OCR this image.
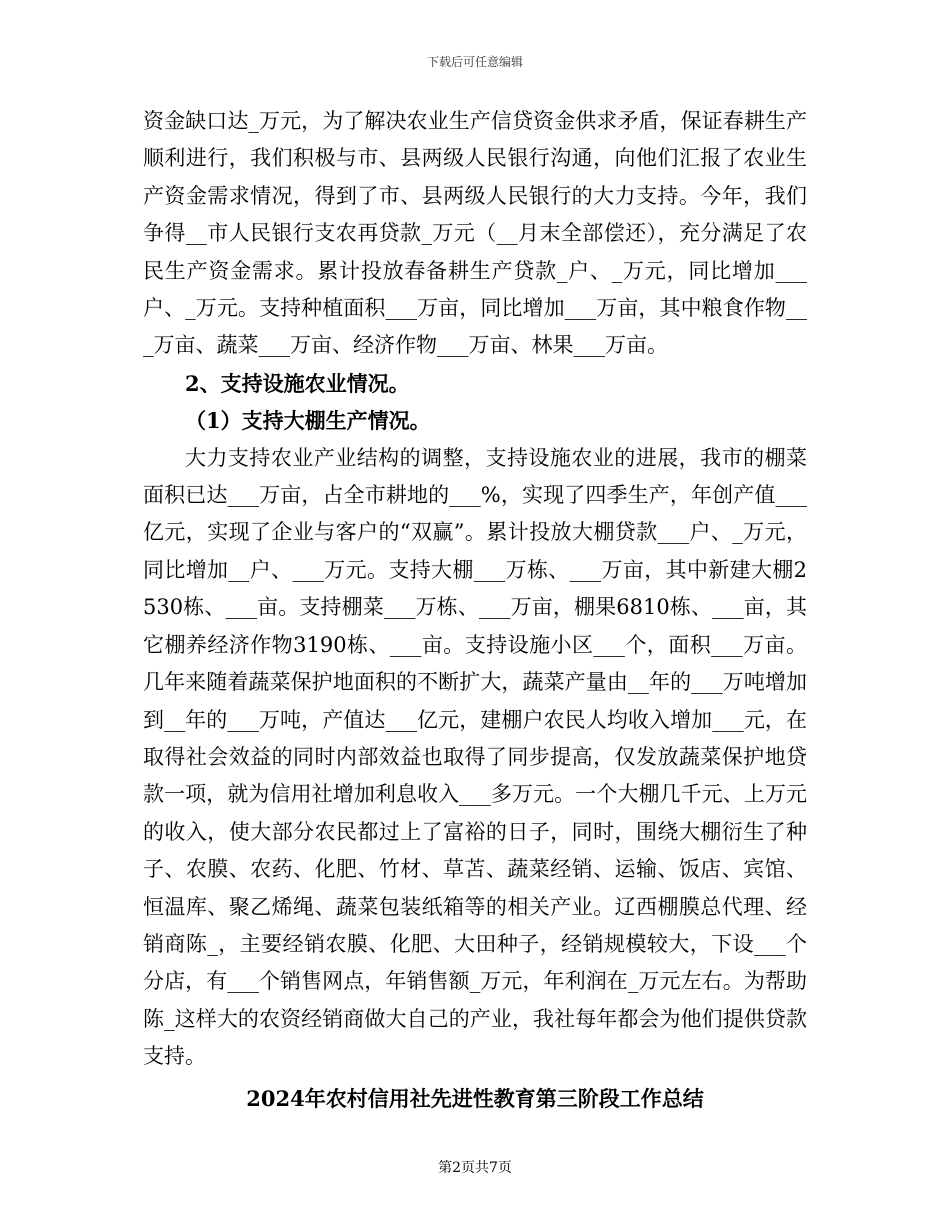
下载后可任意编辑

资金缺口达_万元，为了解决农业生产信贷资金供求矛盾，保证春耕生产顺利进行，我们积极与市、县两级人民银行沟通，向他们汇报了农业生产资金需求情况，得到了市、县两级人民银行的大力支持。今年，我们争得__市人民银行支农再贷款_万元（__月末全部偿还），充分满足了农民生产资金需求。累计投放春备耕生产贷款_户、_万元，同比增加___户、_万元。支持种植面积___万亩，同比增加___万亩，其中粮食作物___万亩、蔬菜___万亩、经济作物___万亩、林果___万亩。

2、支持设施农业情况。

（1）支持大棚生产情况。

大力支持农业产业结构的调整，支持设施农业的进展，我市的棚菜面积已达___万亩，占全市耕地的___%，实现了四季生产，年创产值___亿元，实现了企业与客户的“双赢”。累计投放大棚贷款___户、_万元，同比增加__户、___万元。支持大棚___万栋、___万亩，其中新建大棚2530栋、___亩。支持棚菜___万栋、___万亩，棚果6810栋、___亩，其它棚养经济作物3190栋、___亩。支持设施小区___个，面积___万亩。几年来随着蔬菜保护地面积的不断扩大，蔬菜产量由__年的___万吨增加到__年的___万吨，产值达___亿元，建棚户农民人均收入增加___元，在取得社会效益的同时内部效益也取得了同步提高，仅发放蔬菜保护地贷款一项，就为信用社增加利息收入___多万元。一个大棚几千元、上万元的收入，使大部分农民都过上了富裕的日子，同时，围绕大棚衍生了种子、农膜、农药、化肥、竹材、草苫、蔬菜经销、运输、饭店、宾馆、恒温库、聚乙烯绳、蔬菜包装纸箱等的相关产业。辽西棚膜总代理、经销商陈_，主要经销农膜、化肥、大田种子，经销规模较大，下设___个分店，有___个销售网点，年销售额_万元，年利润在_万元左右。为帮助陈_这样大的农资经销商做大自己的产业，我社每年都会为他们提供贷款支持。

2024年农村信用社先进性教育第三阶段工作总结

第2页共7页
